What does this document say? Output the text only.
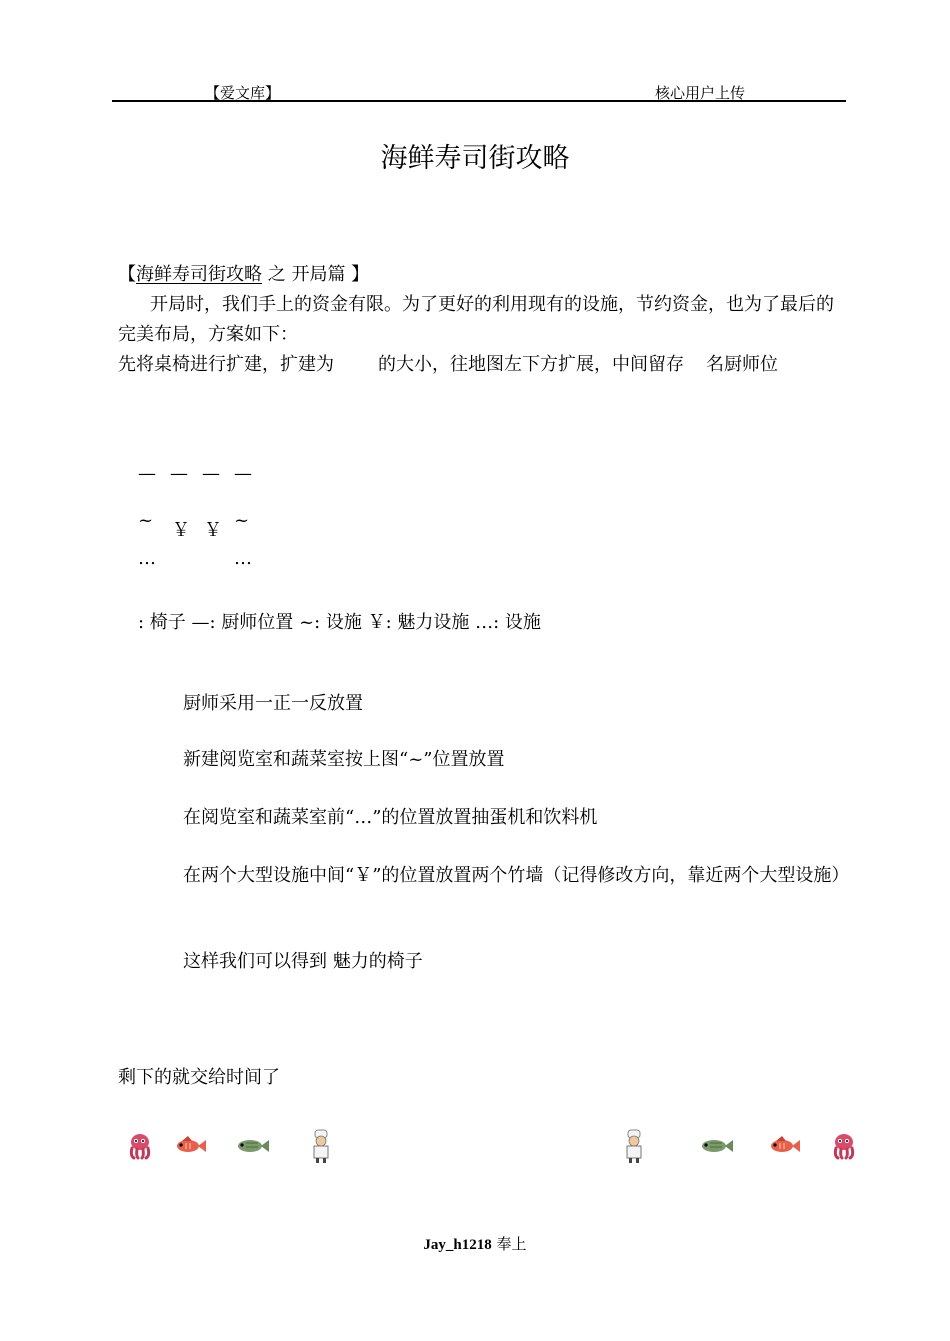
【爱文库】	核心用户上传
海鲜寿司街攻略

【海鲜寿司街攻略 之 开局篇 】

开局时，我们手上的资金有限。为了更好的利用现有的设施，节约资金，也为了最后的完美布局，方案如下：

先将桌椅进行扩建，扩建为 的大小，往地图左下方扩展，中间留存 名厨师位

— — — —
~ ￥ ￥ ~
…	…
: 椅子 —: 厨师位置 ~: 设施 ￥: 魅力设施 …: 设施
厨师采用一正一反放置
新建阅览室和蔬菜室按上图“~”位置放置
在阅览室和蔬菜室前“…”的位置放置抽蛋机和饮料机
在两个大型设施中间“￥”的位置放置两个竹墙（记得修改方向，靠近两个大型设施）
这样我们可以得到 魅力的椅子
剩下的就交给时间了
Jay_h1218 奉上
